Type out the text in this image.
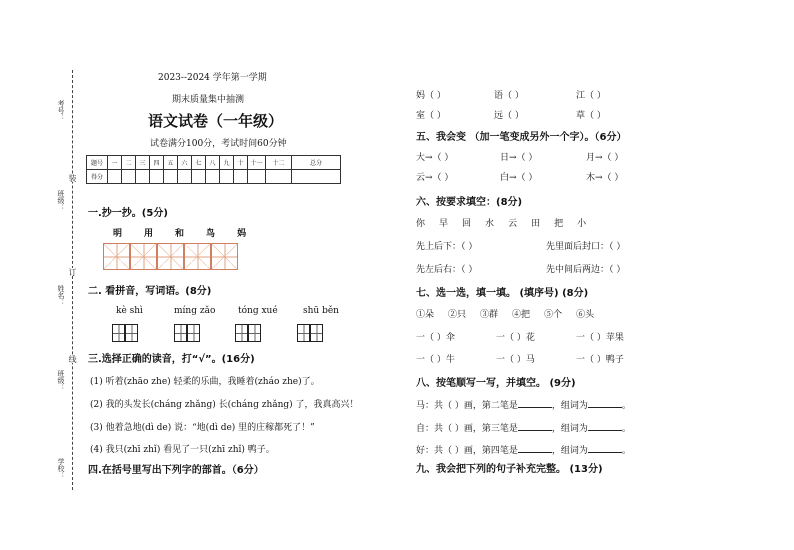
考号：
班级：
姓名：
班级：
学校：
装
订
线
2023--2024 学年第一学期
期末质量集中抽测
语文试卷（一年级）
试卷满分100分，考试时间60分钟
题号	一	二	三	四	五	六	七	八	九	十	十一	十二	总分
得分													
一.抄一抄。(5分)
明 用 和 鸟 妈
二. 看拼音，写词语。(8分)
kè shì	míng zǎo	tóng xué	shū běn
三.选择正确的读音，打“√”。(16分)
(1) 听着(zhāo zhe) 轻柔的乐曲，我睡着(zháo zhe)了。
(2) 我的头发长(cháng zhǎng) 长(cháng zhǎng) 了，我真高兴！
(3) 他着急地(dì de) 说：“地(dì de) 里的庄稼都死了！”
(4) 我只(zhī zhǐ) 看见了一只(zhī zhǐ) 鸭子。
四.在括号里写出下列字的部首。（6分）
妈（ ）	语（ ）	江（ ）
室（ ）	远（ ）	草（ ）
五、我会变 （加一笔变成另外一个字）。（6分）
大→（ ）	日→（ ）	月→（ ）
云→（ ）	白→（ ）	木→（ ）
六、按要求填空：(8分)
你 早 回 水 云 田 把 小
先上后下：（ ）	先里面后封口：（ ）
先左后右：（ ）	先中间后两边：（ ）
七、选一选，填一填。 (填序号) (8分)
①朵 ②只 ③群 ④把 ⑤个 ⑥头
一（ ）伞	一（ ）花	一（ ）苹果
一（ ）牛	一（ ）马	一（ ）鸭子
八、按笔顺写一写，并填空。 (9分)
马：共（ ）画，第二笔是	，组词为	。
自：共（ ）画，第三笔是	，组词为	。
好：共（ ）画，第四笔是	，组词为	。
九、我会把下列的句子补充完整。 (13分)
